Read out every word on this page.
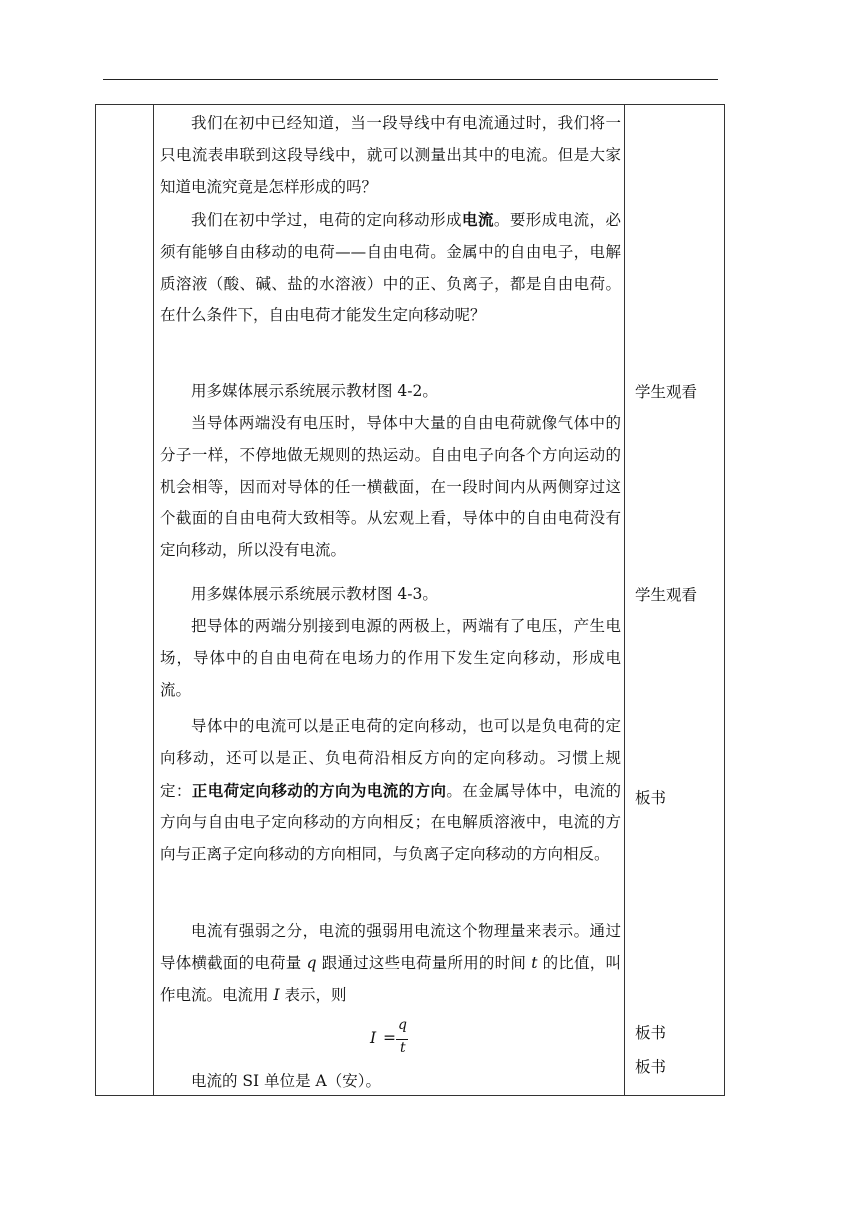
我们在初中已经知道，当一段导线中有电流通过时，我们将一只电流表串联到这段导线中，就可以测量出其中的电流。但是大家知道电流究竟是怎样形成的吗？

我们在初中学过，电荷的定向移动形成电流。要形成电流，必须有能够自由移动的电荷——自由电荷。金属中的自由电子，电解质溶液（酸、碱、盐的水溶液）中的正、负离子，都是自由电荷。在什么条件下，自由电荷才能发生定向移动呢？

用多媒体展示系统展示教材图 4-2。

当导体两端没有电压时，导体中大量的自由电荷就像气体中的分子一样，不停地做无规则的热运动。自由电子向各个方向运动的机会相等，因而对导体的任一横截面，在一段时间内从两侧穿过这个截面的自由电荷大致相等。从宏观上看，导体中的自由电荷没有定向移动，所以没有电流。

用多媒体展示系统展示教材图 4-3。

把导体的两端分别接到电源的两极上，两端有了电压，产生电场，导体中的自由电荷在电场力的作用下发生定向移动，形成电流。

导体中的电流可以是正电荷的定向移动，也可以是负电荷的定向移动，还可以是正、负电荷沿相反方向的定向移动。习惯上规定：正电荷定向移动的方向为电流的方向。在金属导体中，电流的方向与自由电子定向移动的方向相反；在电解质溶液中，电流的方向与正离子定向移动的方向相同，与负离子定向移动的方向相反。

电流有强弱之分，电流的强弱用电流这个物理量来表示。通过导体横截面的电荷量 q 跟通过这些电荷量所用的时间 t 的比值，叫作电流。电流用 I 表示，则

I =
q
t

电流的 SI 单位是 A（安）。

学生观看

学生观看

板书

板书

板书
